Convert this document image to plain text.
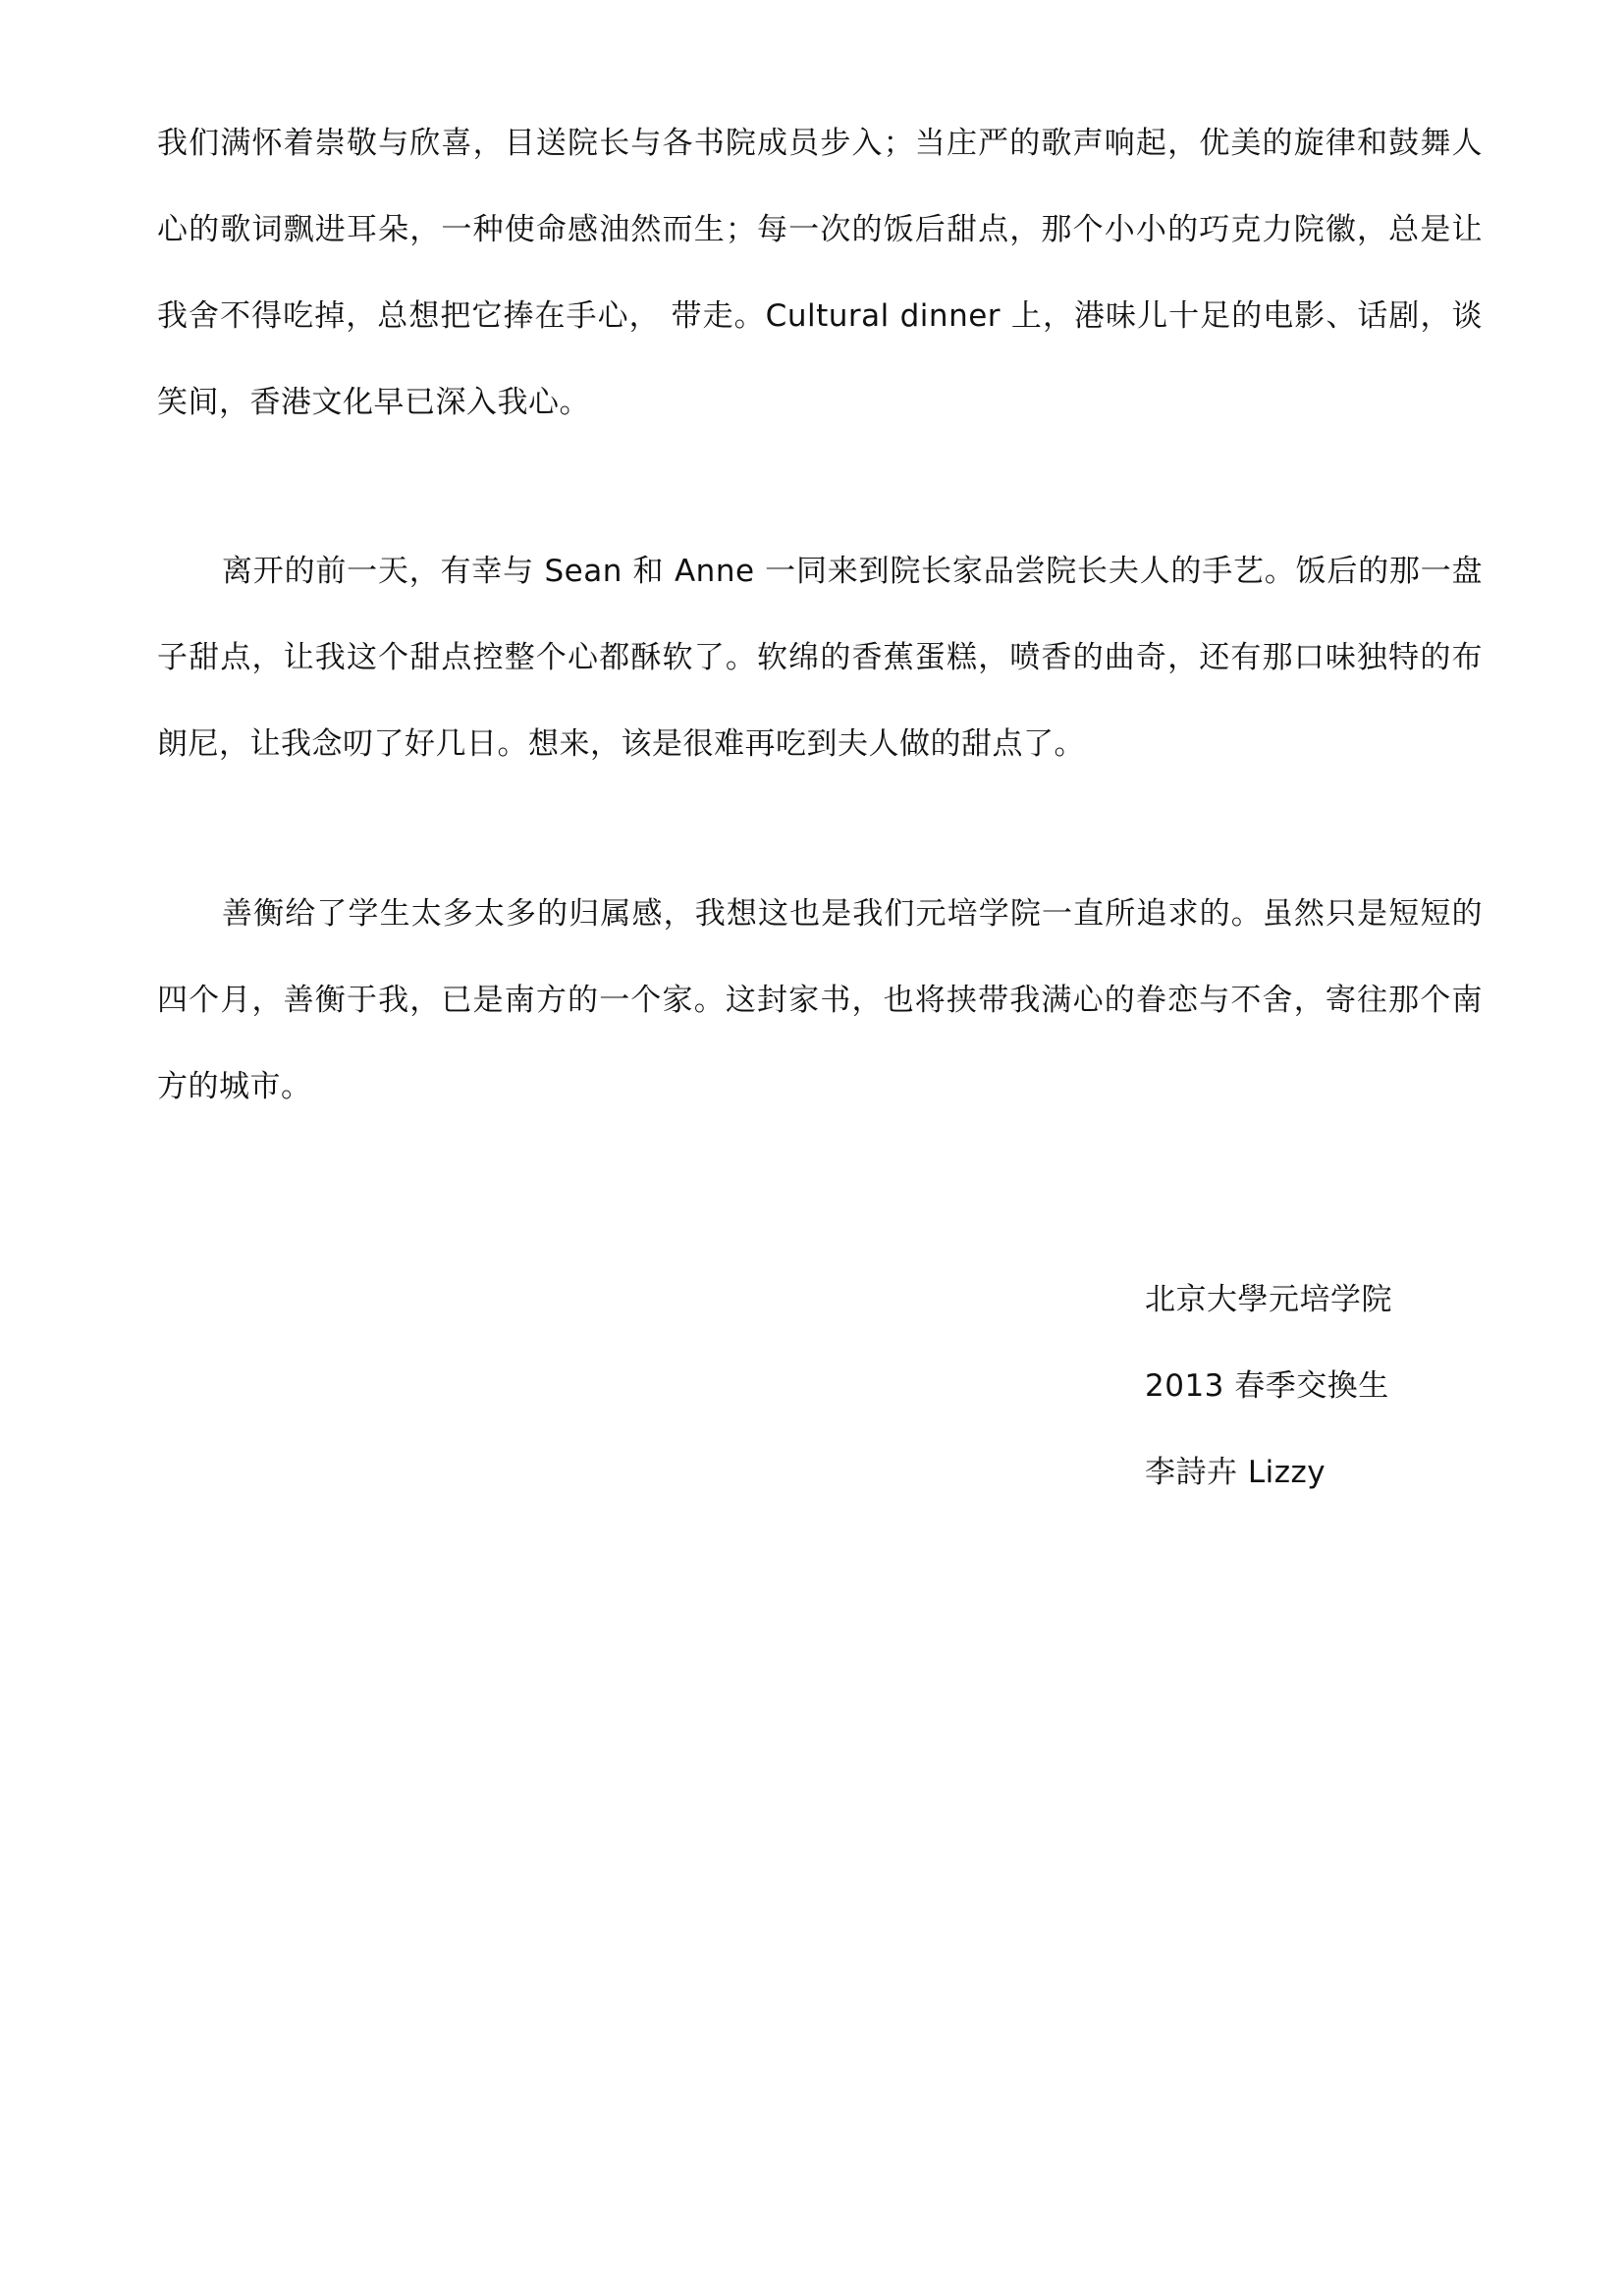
我们满怀着崇敬与欣喜，目送院长与各书院成员步入；当庄严的歌声响起，优美的旋律和鼓舞人心的歌词飘进耳朵，一种使命感油然而生；每一次的饭后甜点，那个小小的巧克力院徽，总是让我舍不得吃掉，总想把它捧在手心， 带走。Cultural dinner 上，港味儿十足的电影、话剧，谈笑间，香港文化早已深入我心。

离开的前一天，有幸与 Sean 和 Anne 一同来到院长家品尝院长夫人的手艺。饭后的那一盘子甜点，让我这个甜点控整个心都酥软了。软绵的香蕉蛋糕，喷香的曲奇，还有那口味独特的布朗尼，让我念叨了好几日。想来，该是很难再吃到夫人做的甜点了。

善衡给了学生太多太多的归属感，我想这也是我们元培学院一直所追求的。虽然只是短短的四个月，善衡于我，已是南方的一个家。这封家书，也将挟带我满心的眷恋与不舍，寄往那个南方的城市。

北京大學元培学院
2013 春季交換生
李詩卉 Lizzy
